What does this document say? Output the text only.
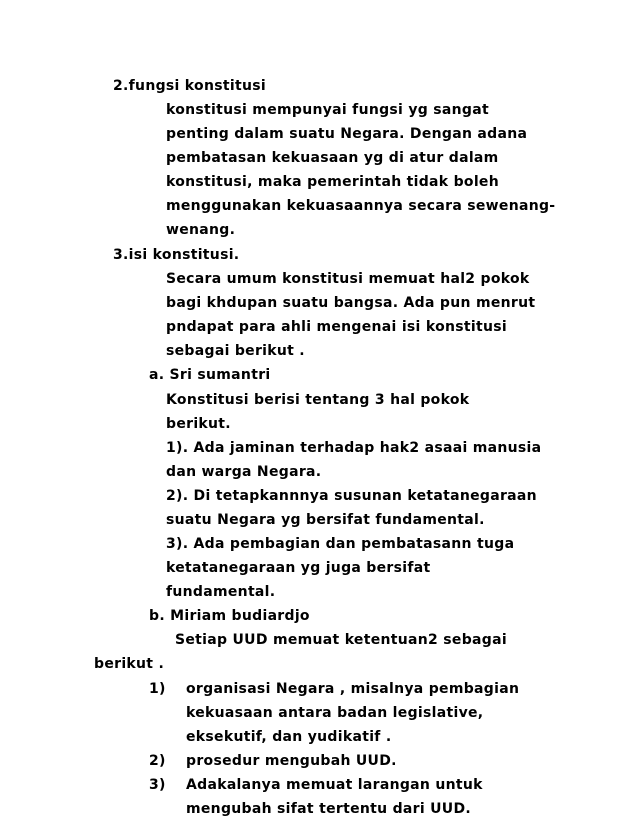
2.fungsi konstitusi
konstitusi mempunyai fungsi yg sangat
penting dalam suatu Negara. Dengan adana
pembatasan kekuasaan yg di atur dalam
konstitusi, maka pemerintah tidak boleh
menggunakan kekuasaannya secara sewenang-
wenang.
3.isi konstitusi.
Secara umum konstitusi memuat hal2 pokok
bagi khdupan suatu bangsa. Ada pun menrut
pndapat para ahli mengenai isi konstitusi
sebagai berikut .
a. Sri sumantri
Konstitusi berisi tentang 3 hal pokok
berikut.
1). Ada jaminan terhadap hak2 asaai manusia
dan warga Negara.
2). Di tetapkannnya susunan ketatanegaraan
suatu Negara yg bersifat fundamental.
3). Ada pembagian dan pembatasann tuga
ketatanegaraan yg juga bersifat
fundamental.
b. Miriam budiardjo
Setiap UUD memuat ketentuan2 sebagai
berikut .
1) organisasi Negara , misalnya pembagian
kekuasaan antara badan legislative,
eksekutif, dan yudikatif .
2) prosedur mengubah UUD.
3) Adakalanya memuat larangan untuk
mengubah sifat tertentu dari UUD.
